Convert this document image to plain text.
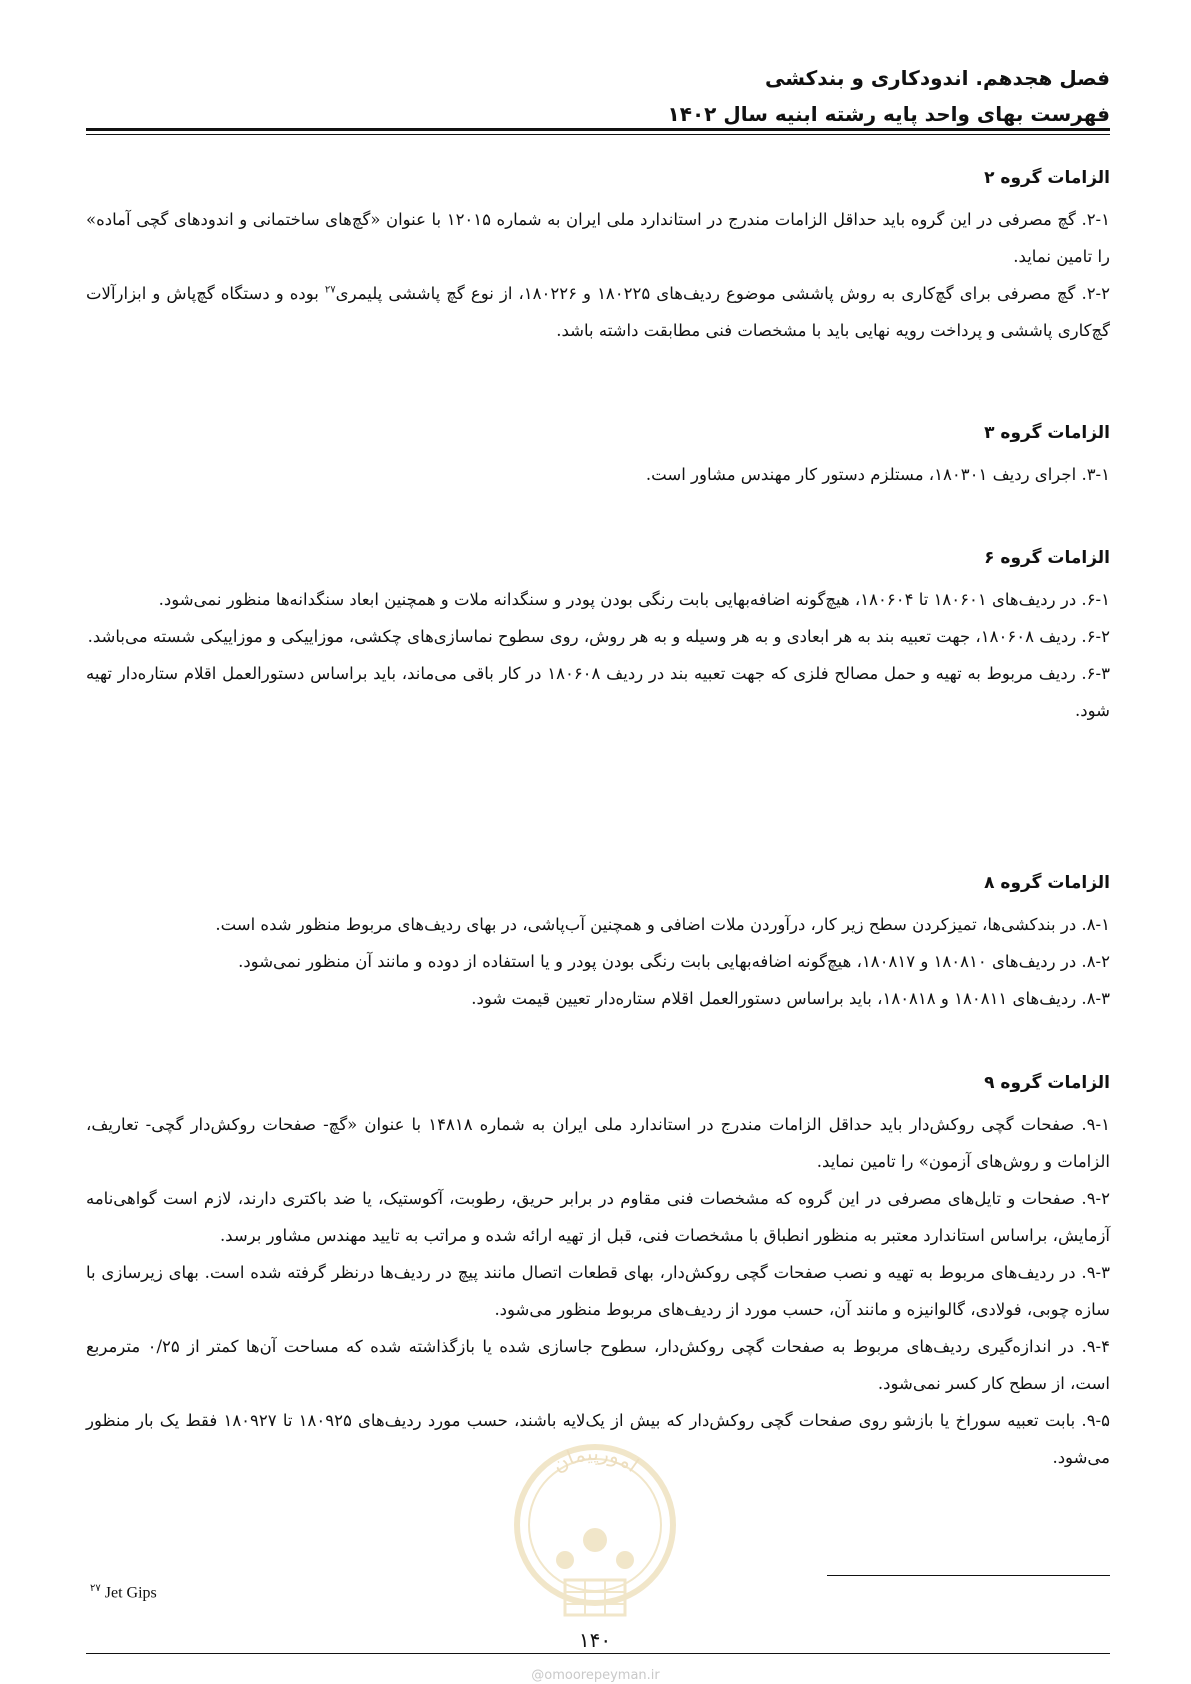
فصل هجدهم. اندودکاری و بندکشی
فهرست بهای واحد پایه رشته ابنیه سال ۱۴۰۲
الزامات گروه ۲

۲-۱. گچ مصرفی در این گروه باید حداقل الزامات مندرج در استاندارد ملی ایران به شماره ۱۲۰۱۵ با عنوان «گچ‌های ساختمانی و اندودهای گچی آماده» را تامین نماید.

۲-۲. گچ مصرفی برای گچ‌کاری به روش پاششی موضوع ردیف‌های ۱۸۰۲۲۵ و ۱۸۰۲۲۶، از نوع گچ پاششی پلیمری$^{۲۷}$ بوده و دستگاه گچ‌پاش و ابزارآلات گچ‌کاری پاششی و پرداخت رویه نهایی باید با مشخصات فنی مطابقت داشته باشد.

الزامات گروه ۳

۳-۱. اجرای ردیف ۱۸۰۳۰۱، مستلزم دستور کار مهندس مشاور است.

الزامات گروه ۶

۶-۱. در ردیف‌های ۱۸۰۶۰۱ تا ۱۸۰۶۰۴، هیچ‌گونه اضافه‌بهایی بابت رنگی بودن پودر و سنگدانه ملات و همچنین ابعاد سنگدانه‌ها منظور نمی‌شود.

۶-۲. ردیف ۱۸۰۶۰۸، جهت تعبیه بند به هر ابعادی و به هر وسیله و به هر روش، روی سطوح نماسازی‌های چکشی، موزاییکی و موزاییکی شسته می‌باشد.

۶-۳. ردیف مربوط به تهیه و حمل مصالح فلزی که جهت تعبیه بند در ردیف ۱۸۰۶۰۸ در کار باقی می‌ماند، باید براساس دستورالعمل اقلام ستاره‌دار تهیه شود.

الزامات گروه ۸

۸-۱. در بندکشی‌ها، تمیزکردن سطح زیر کار، درآوردن ملات اضافی و همچنین آب‌پاشی، در بهای ردیف‌های مربوط منظور شده است.

۸-۲. در ردیف‌های ۱۸۰۸۱۰ و ۱۸۰۸۱۷، هیچ‌گونه اضافه‌بهایی بابت رنگی بودن پودر و یا استفاده از دوده و مانند آن منظور نمی‌شود.

۸-۳. ردیف‌های ۱۸۰۸۱۱ و ۱۸۰۸۱۸، باید براساس دستورالعمل اقلام ستاره‌دار تعیین قیمت شود.

الزامات گروه ۹

۹-۱. صفحات گچی روکش‌دار باید حداقل الزامات مندرج در استاندارد ملی ایران به شماره ۱۴۸۱۸ با عنوان «گچ- صفحات روکش‌دار گچی- تعاریف، الزامات و روش‌های آزمون» را تامین نماید.

۹-۲. صفحات و تایل‌های مصرفی در این گروه که مشخصات فنی مقاوم در برابر حریق، رطوبت، آکوستیک، یا ضد باکتری دارند، لازم است گواهی‌نامه آزمایش، براساس استاندارد معتبر به منظور انطباق با مشخصات فنی، قبل از تهیه ارائه شده و مراتب به تایید مهندس مشاور برسد.

۹-۳. در ردیف‌های مربوط به تهیه و نصب صفحات گچی روکش‌دار، بهای قطعات اتصال مانند پیچ در ردیف‌ها درنظر گرفته شده است. بهای زیرسازی با سازه چوبی، فولادی، گالوانیزه و مانند آن، حسب مورد از ردیف‌های مربوط منظور می‌شود.

۹-۴. در اندازه‌گیری ردیف‌های مربوط به صفحات گچی روکش‌دار، سطوح جاسازی شده یا بازگذاشته شده که مساحت آن‌ها کمتر از ۰/۲۵ مترمربع است، از سطح کار کسر نمی‌شود.

۹-۵. بابت تعبیه سوراخ یا بازشو روی صفحات گچی روکش‌دار که بیش از یک‌لایه باشند، حسب مورد ردیف‌های ۱۸۰۹۲۵ تا ۱۸۰۹۲۷ فقط یک بار منظور می‌شود.

امورپیمان
$^{۲۷}$ Jet Gips
۱۴۰
@omoorepeyman.ir
